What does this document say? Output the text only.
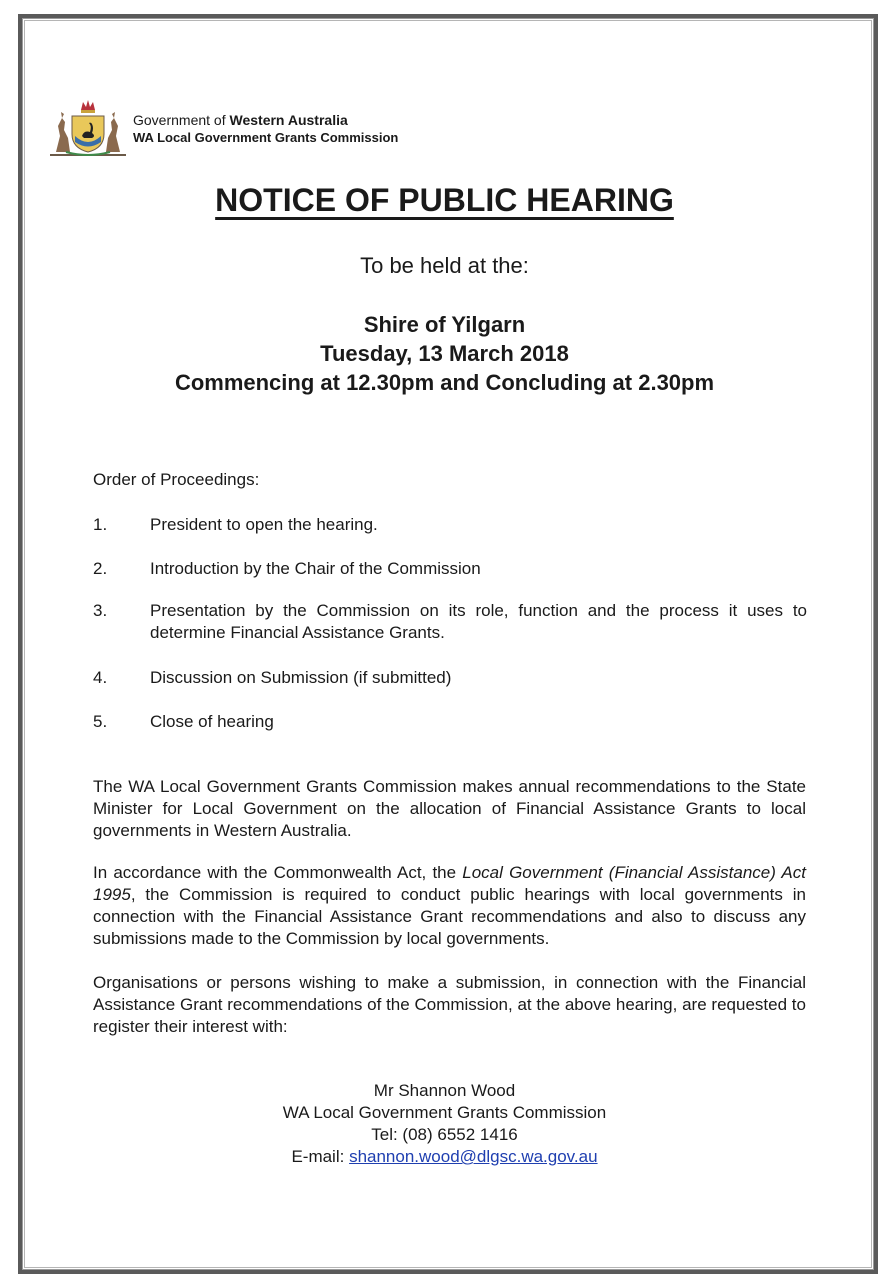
Government of Western Australia
WA Local Government Grants Commission
NOTICE OF PUBLIC HEARING
To be held at the:
Shire of Yilgarn
Tuesday, 13 March 2018
Commencing at 12.30pm and Concluding at 2.30pm
Order of Proceedings:
1.	President to open the hearing.
2.	Introduction by the Chair of the Commission
3.	Presentation by the Commission on its role, function and the process it uses to determine Financial Assistance Grants.
4.	Discussion on Submission (if submitted)
5.	Close of hearing
The WA Local Government Grants Commission makes annual recommendations to the State Minister for Local Government on the allocation of Financial Assistance Grants to local governments in Western Australia.
In accordance with the Commonwealth Act, the Local Government (Financial Assistance) Act 1995, the Commission is required to conduct public hearings with local governments in connection with the Financial Assistance Grant recommendations and also to discuss any submissions made to the Commission by local governments.
Organisations or persons wishing to make a submission, in connection with the Financial Assistance Grant recommendations of the Commission, at the above hearing, are requested to register their interest with:
Mr Shannon Wood
WA Local Government Grants Commission
Tel: (08) 6552 1416
E-mail: shannon.wood@dlgsc.wa.gov.au
